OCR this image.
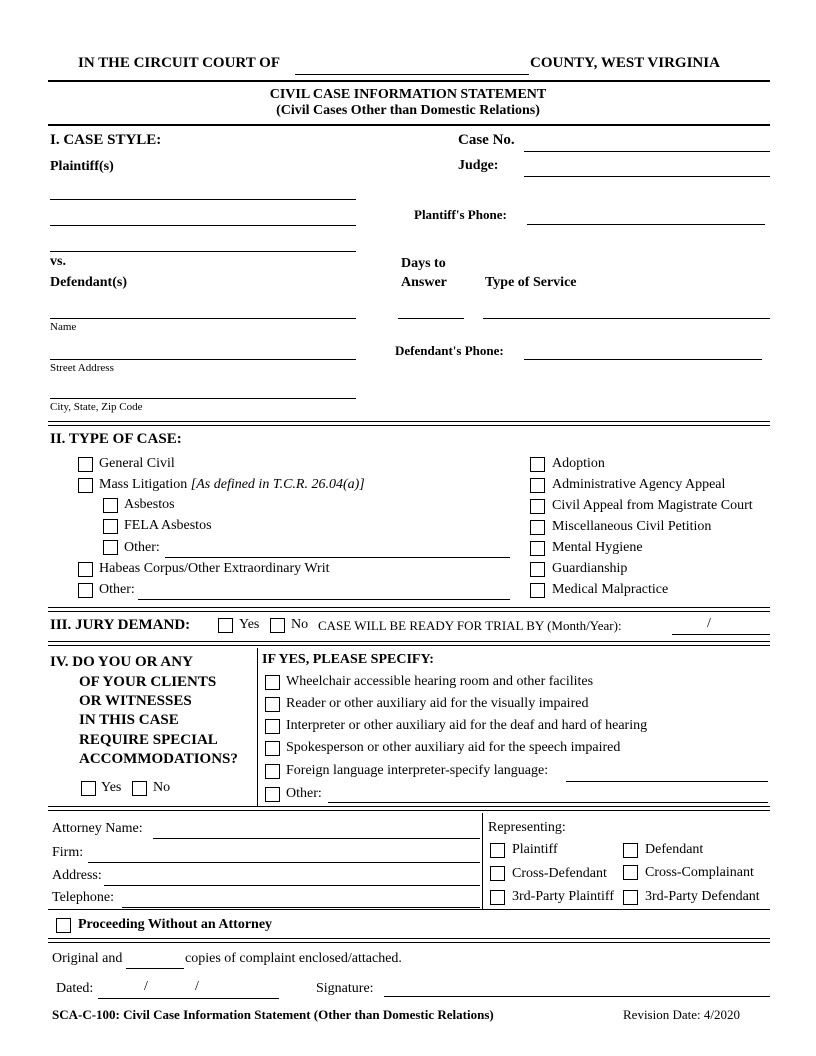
IN THE CIRCUIT COURT OF	COUNTY, WEST VIRGINIA
CIVIL CASE INFORMATION STATEMENT
(Civil Cases Other than Domestic Relations)
I. CASE STYLE:
Plaintiff(s)
Case No.
Judge:
Plantiff's Phone:
vs.
Defendant(s)
Days to
Answer	Type of Service
Name
Street Address
Defendant's Phone:
City, State, Zip Code
II. TYPE OF CASE:
General Civil
Mass Litigation [As defined in T.C.R. 26.04(a)]
Asbestos
FELA Asbestos
Other:
Habeas Corpus/Other Extraordinary Writ
Other:
Adoption
Administrative Agency Appeal
Civil Appeal from Magistrate Court
Miscellaneous Civil Petition
Mental Hygiene
Guardianship
Medical Malpractice
III. JURY DEMAND:	Yes No CASE WILL BE READY FOR TRIAL BY (Month/Year):	/
IV. DO YOU OR ANY
OF YOUR CLIENTS
OR WITNESSES
IN THIS CASE
REQUIRE SPECIAL
ACCOMMODATIONS?
Yes No
IF YES, PLEASE SPECIFY:
Wheelchair accessible hearing room and other facilites
Reader or other auxiliary aid for the visually impaired
Interpreter or other auxiliary aid for the deaf and hard of hearing
Spokesperson or other auxiliary aid for the speech impaired
Foreign language interpreter-specify language:
Other:
Attorney Name:
Firm:
Address:
Telephone:
Representing:
Plaintiff	Defendant
Cross-Defendant	Cross-Complainant
3rd-Party Plaintiff 3rd-Party Defendant
Proceeding Without an Attorney
Original and	copies of complaint enclosed/attached.
Dated:	/	/	Signature:
SCA-C-100: Civil Case Information Statement (Other than Domestic Relations)	Revision Date: 4/2020
